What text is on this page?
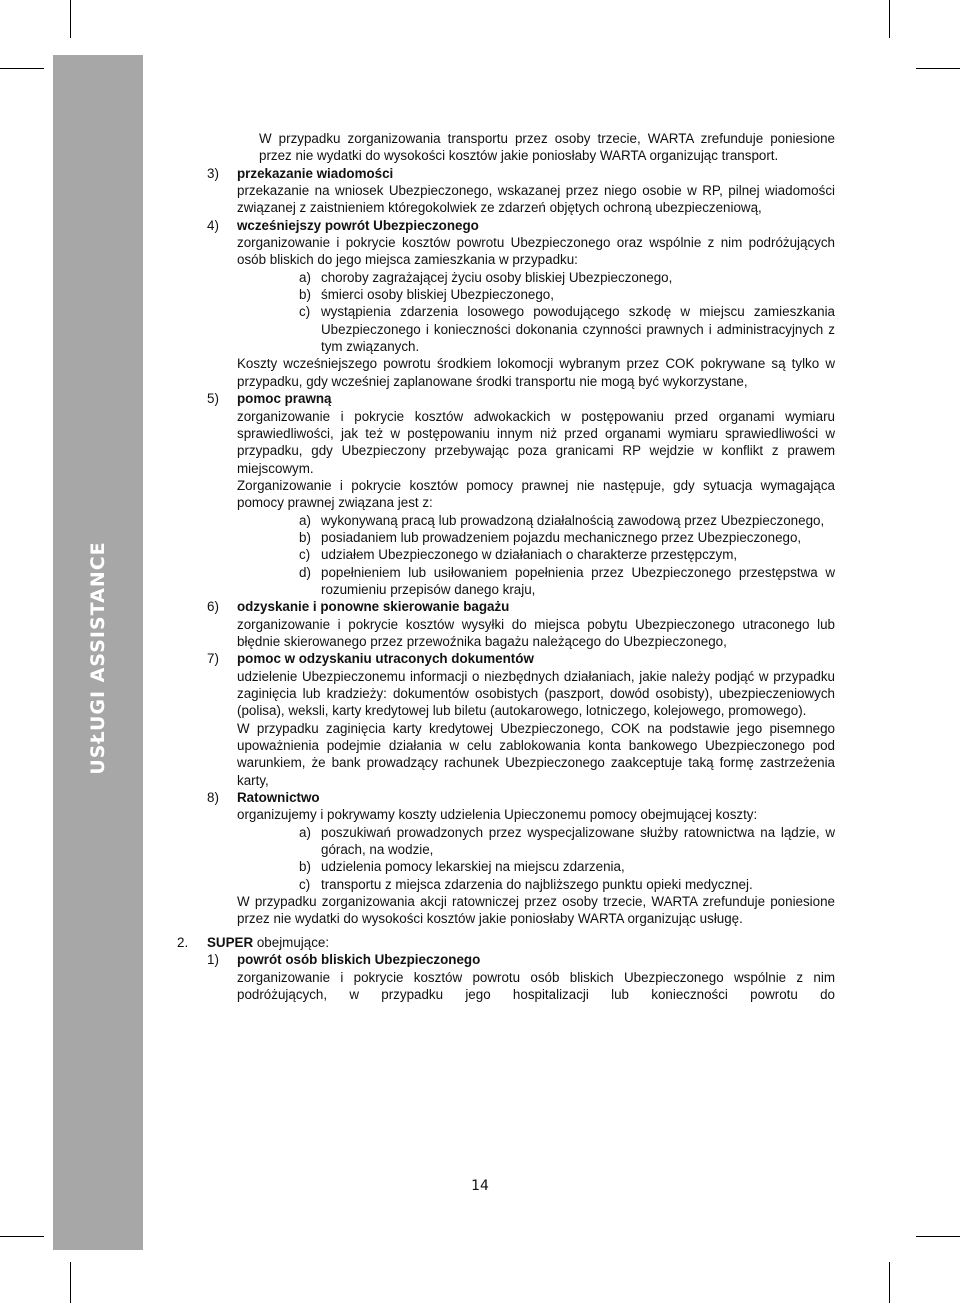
USŁUGI ASSISTANCE

W przypadku zorganizowania transportu przez osoby trzecie, WARTA zrefunduje poniesione przez nie wydatki do wysokości kosztów jakie poniosłaby WARTA organizując transport.

3) przekazanie wiadomości

przekazanie na wniosek Ubezpieczonego, wskazanej przez niego osobie w RP, pilnej wiadomości związanej z zaistnieniem któregokolwiek ze zdarzeń objętych ochroną ubezpieczeniową,

4) wcześniejszy powrót Ubezpieczonego

zorganizowanie i pokrycie kosztów powrotu Ubezpieczonego oraz wspólnie z nim podróżujących osób bliskich do jego miejsca zamieszkania w przypadku:

a) choroby zagrażającej życiu osoby bliskiej Ubezpieczonego,

b) śmierci osoby bliskiej Ubezpieczonego,

c) wystąpienia zdarzenia losowego powodującego szkodę w miejscu zamieszkania Ubezpieczonego i konieczności dokonania czynności prawnych i administracyjnych z tym związanych.

Koszty wcześniejszego powrotu środkiem lokomocji wybranym przez COK pokrywane są tylko w przypadku, gdy wcześniej zaplanowane środki transportu nie mogą być wykorzystane,

5) pomoc prawną

zorganizowanie i pokrycie kosztów adwokackich w postępowaniu przed organami wymiaru sprawiedliwości, jak też w postępowaniu innym niż przed organami wymiaru sprawiedliwości w przypadku, gdy Ubezpieczony przebywając poza granicami RP wejdzie w konflikt z prawem miejscowym.

Zorganizowanie i pokrycie kosztów pomocy prawnej nie następuje, gdy sytuacja wymagająca pomocy prawnej związana jest z:

a) wykonywaną pracą lub prowadzoną działalnością zawodową przez Ubezpieczonego,

b) posiadaniem lub prowadzeniem pojazdu mechanicznego przez Ubezpieczonego,

c) udziałem Ubezpieczonego w działaniach o charakterze przestępczym,

d) popełnieniem lub usiłowaniem popełnienia przez Ubezpieczonego przestępstwa w rozumieniu przepisów danego kraju,

6) odzyskanie i ponowne skierowanie bagażu

zorganizowanie i pokrycie kosztów wysyłki do miejsca pobytu Ubezpieczonego utraconego lub błędnie skierowanego przez przewoźnika bagażu należącego do Ubezpieczonego,

7) pomoc w odzyskaniu utraconych dokumentów

udzielenie Ubezpieczonemu informacji o niezbędnych działaniach, jakie należy podjąć w przypadku zaginięcia lub kradzieży: dokumentów osobistych (paszport, dowód osobisty), ubezpieczeniowych (polisa), weksli, karty kredytowej lub biletu (autokarowego, lotniczego, kolejowego, promowego).

W przypadku zaginięcia karty kredytowej Ubezpieczonego, COK na podstawie jego pisemnego upoważnienia podejmie działania w celu zablokowania konta bankowego Ubezpieczonego pod warunkiem, że bank prowadzący rachunek Ubezpieczonego zaakceptuje taką formę zastrzeżenia karty,

8) Ratownictwo

organizujemy i pokrywamy koszty udzielenia Upieczonemu pomocy obejmującej koszty:

a) poszukiwań prowadzonych przez wyspecjalizowane służby ratownictwa na lądzie, w górach, na wodzie,

b) udzielenia pomocy lekarskiej na miejscu zdarzenia,

c) transportu z miejsca zdarzenia do najbliższego punktu opieki medycznej.

W przypadku zorganizowania akcji ratowniczej przez osoby trzecie, WARTA zrefunduje poniesione przez nie wydatki do wysokości kosztów jakie poniosłaby WARTA organizując usługę.

2. SUPER obejmujące:
1) powrót osób bliskich Ubezpieczonego

zorganizowanie i pokrycie kosztów powrotu osób bliskich Ubezpieczonego wspólnie z nim podróżujących, w przypadku jego hospitalizacji lub konieczności powrotu do

14
